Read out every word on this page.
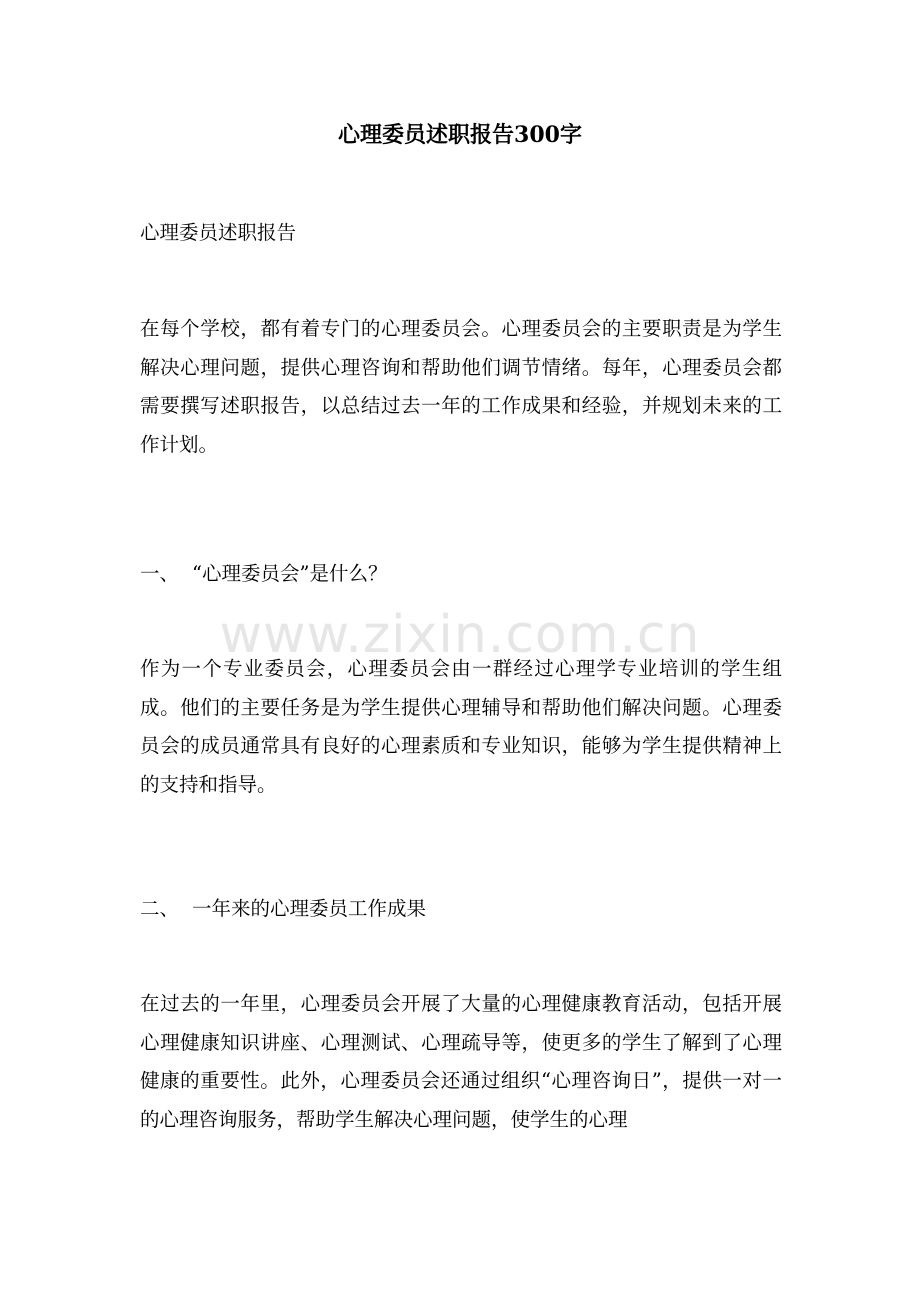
心理委员述职报告300字

心理委员述职报告

在每个学校，都有着专门的心理委员会。心理委员会的主要职责是为学生解决心理问题，提供心理咨询和帮助他们调节情绪。每年，心理委员会都需要撰写述职报告，以总结过去一年的工作成果和经验，并规划未来的工作计划。

一、 “心理委员会”是什么？

作为一个专业委员会，心理委员会由一群经过心理学专业培训的学生组成。他们的主要任务是为学生提供心理辅导和帮助他们解决问题。心理委员会的成员通常具有良好的心理素质和专业知识，能够为学生提供精神上的支持和指导。

二、 一年来的心理委员工作成果

在过去的一年里，心理委员会开展了大量的心理健康教育活动，包括开展心理健康知识讲座、心理测试、心理疏导等，使更多的学生了解到了心理健康的重要性。此外，心理委员会还通过组织“心理咨询日”，提供一对一的心理咨询服务，帮助学生解决心理问题，使学生的心理

www.zixin.com.cn
